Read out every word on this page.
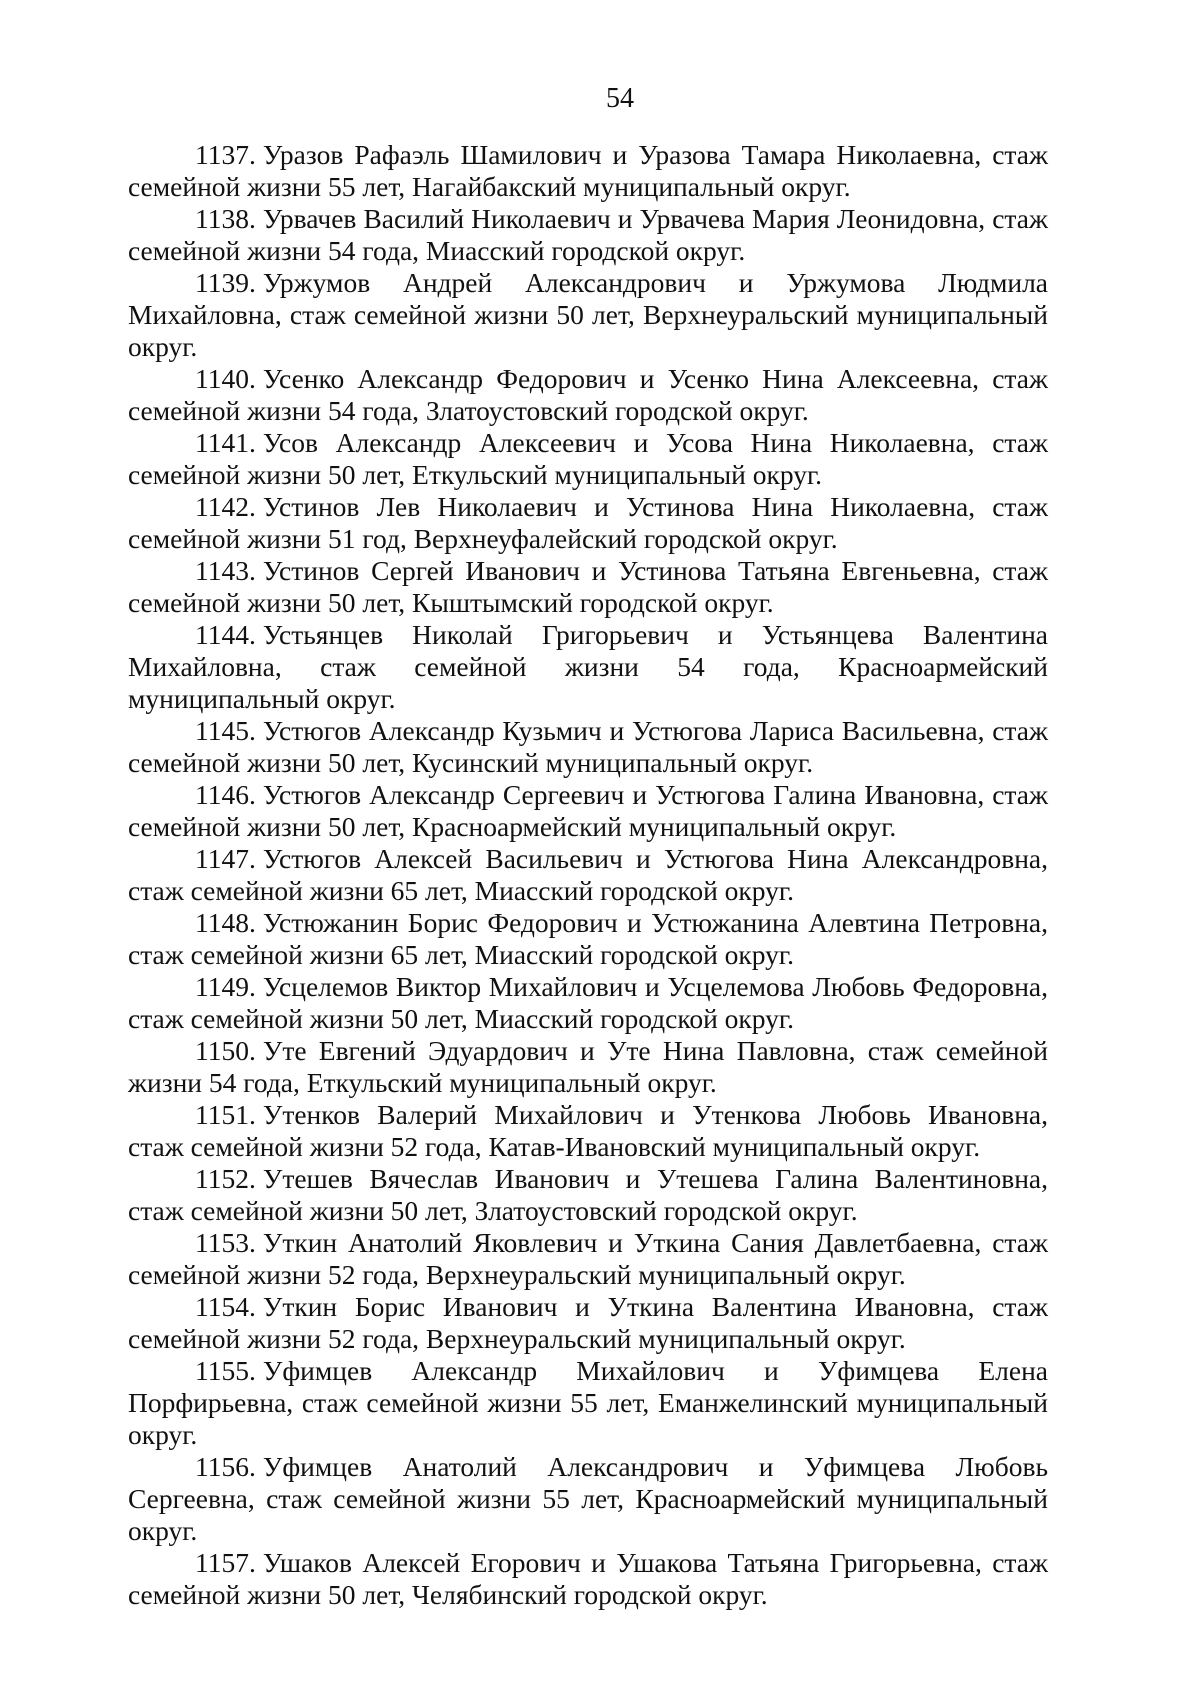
54
1137. Уразов Рафаэль Шамилович и Уразова Тамара Николаевна, стаж семейной жизни 55 лет, Нагайбакский муниципальный округ.
1138. Урвачев Василий Николаевич и Урвачева Мария Леонидовна, стаж семейной жизни 54 года, Миасский городской округ.
1139. Уржумов Андрей Александрович и Уржумова Людмила Михайловна, стаж семейной жизни 50 лет, Верхнеуральский муниципальный округ.
1140. Усенко Александр Федорович и Усенко Нина Алексеевна, стаж семейной жизни 54 года, Златоустовский городской округ.
1141. Усов Александр Алексеевич и Усова Нина Николаевна, стаж семейной жизни 50 лет, Еткульский муниципальный округ.
1142. Устинов Лев Николаевич и Устинова Нина Николаевна, стаж семейной жизни 51 год, Верхнеуфалейский городской округ.
1143. Устинов Сергей Иванович и Устинова Татьяна Евгеньевна, стаж семейной жизни 50 лет, Кыштымский городской округ.
1144. Устьянцев Николай Григорьевич и Устьянцева Валентина Михайловна, стаж семейной жизни 54 года, Красноармейский муниципальный округ.
1145. Устюгов Александр Кузьмич и Устюгова Лариса Васильевна, стаж семейной жизни 50 лет, Кусинский муниципальный округ.
1146. Устюгов Александр Сергеевич и Устюгова Галина Ивановна, стаж семейной жизни 50 лет, Красноармейский муниципальный округ.
1147. Устюгов Алексей Васильевич и Устюгова Нина Александровна, стаж семейной жизни 65 лет, Миасский городской округ.
1148. Устюжанин Борис Федорович и Устюжанина Алевтина Петровна, стаж семейной жизни 65 лет, Миасский городской округ.
1149. Усцелемов Виктор Михайлович и Усцелемова Любовь Федоровна, стаж семейной жизни 50 лет, Миасский городской округ.
1150. Уте Евгений Эдуардович и Уте Нина Павловна, стаж семейной жизни 54 года, Еткульский муниципальный округ.
1151. Утенков Валерий Михайлович и Утенкова Любовь Ивановна, стаж семейной жизни 52 года, Катав-Ивановский муниципальный округ.
1152. Утешев Вячеслав Иванович и Утешева Галина Валентиновна, стаж семейной жизни 50 лет, Златоустовский городской округ.
1153. Уткин Анатолий Яковлевич и Уткина Сания Давлетбаевна, стаж семейной жизни 52 года, Верхнеуральский муниципальный округ.
1154. Уткин Борис Иванович и Уткина Валентина Ивановна, стаж семейной жизни 52 года, Верхнеуральский муниципальный округ.
1155. Уфимцев Александр Михайлович и Уфимцева Елена Порфирьевна, стаж семейной жизни 55 лет, Еманжелинский муниципальный округ.
1156. Уфимцев Анатолий Александрович и Уфимцева Любовь Сергеевна, стаж семейной жизни 55 лет, Красноармейский муниципальный округ.
1157. Ушаков Алексей Егорович и Ушакова Татьяна Григорьевна, стаж семейной жизни 50 лет, Челябинский городской округ.
